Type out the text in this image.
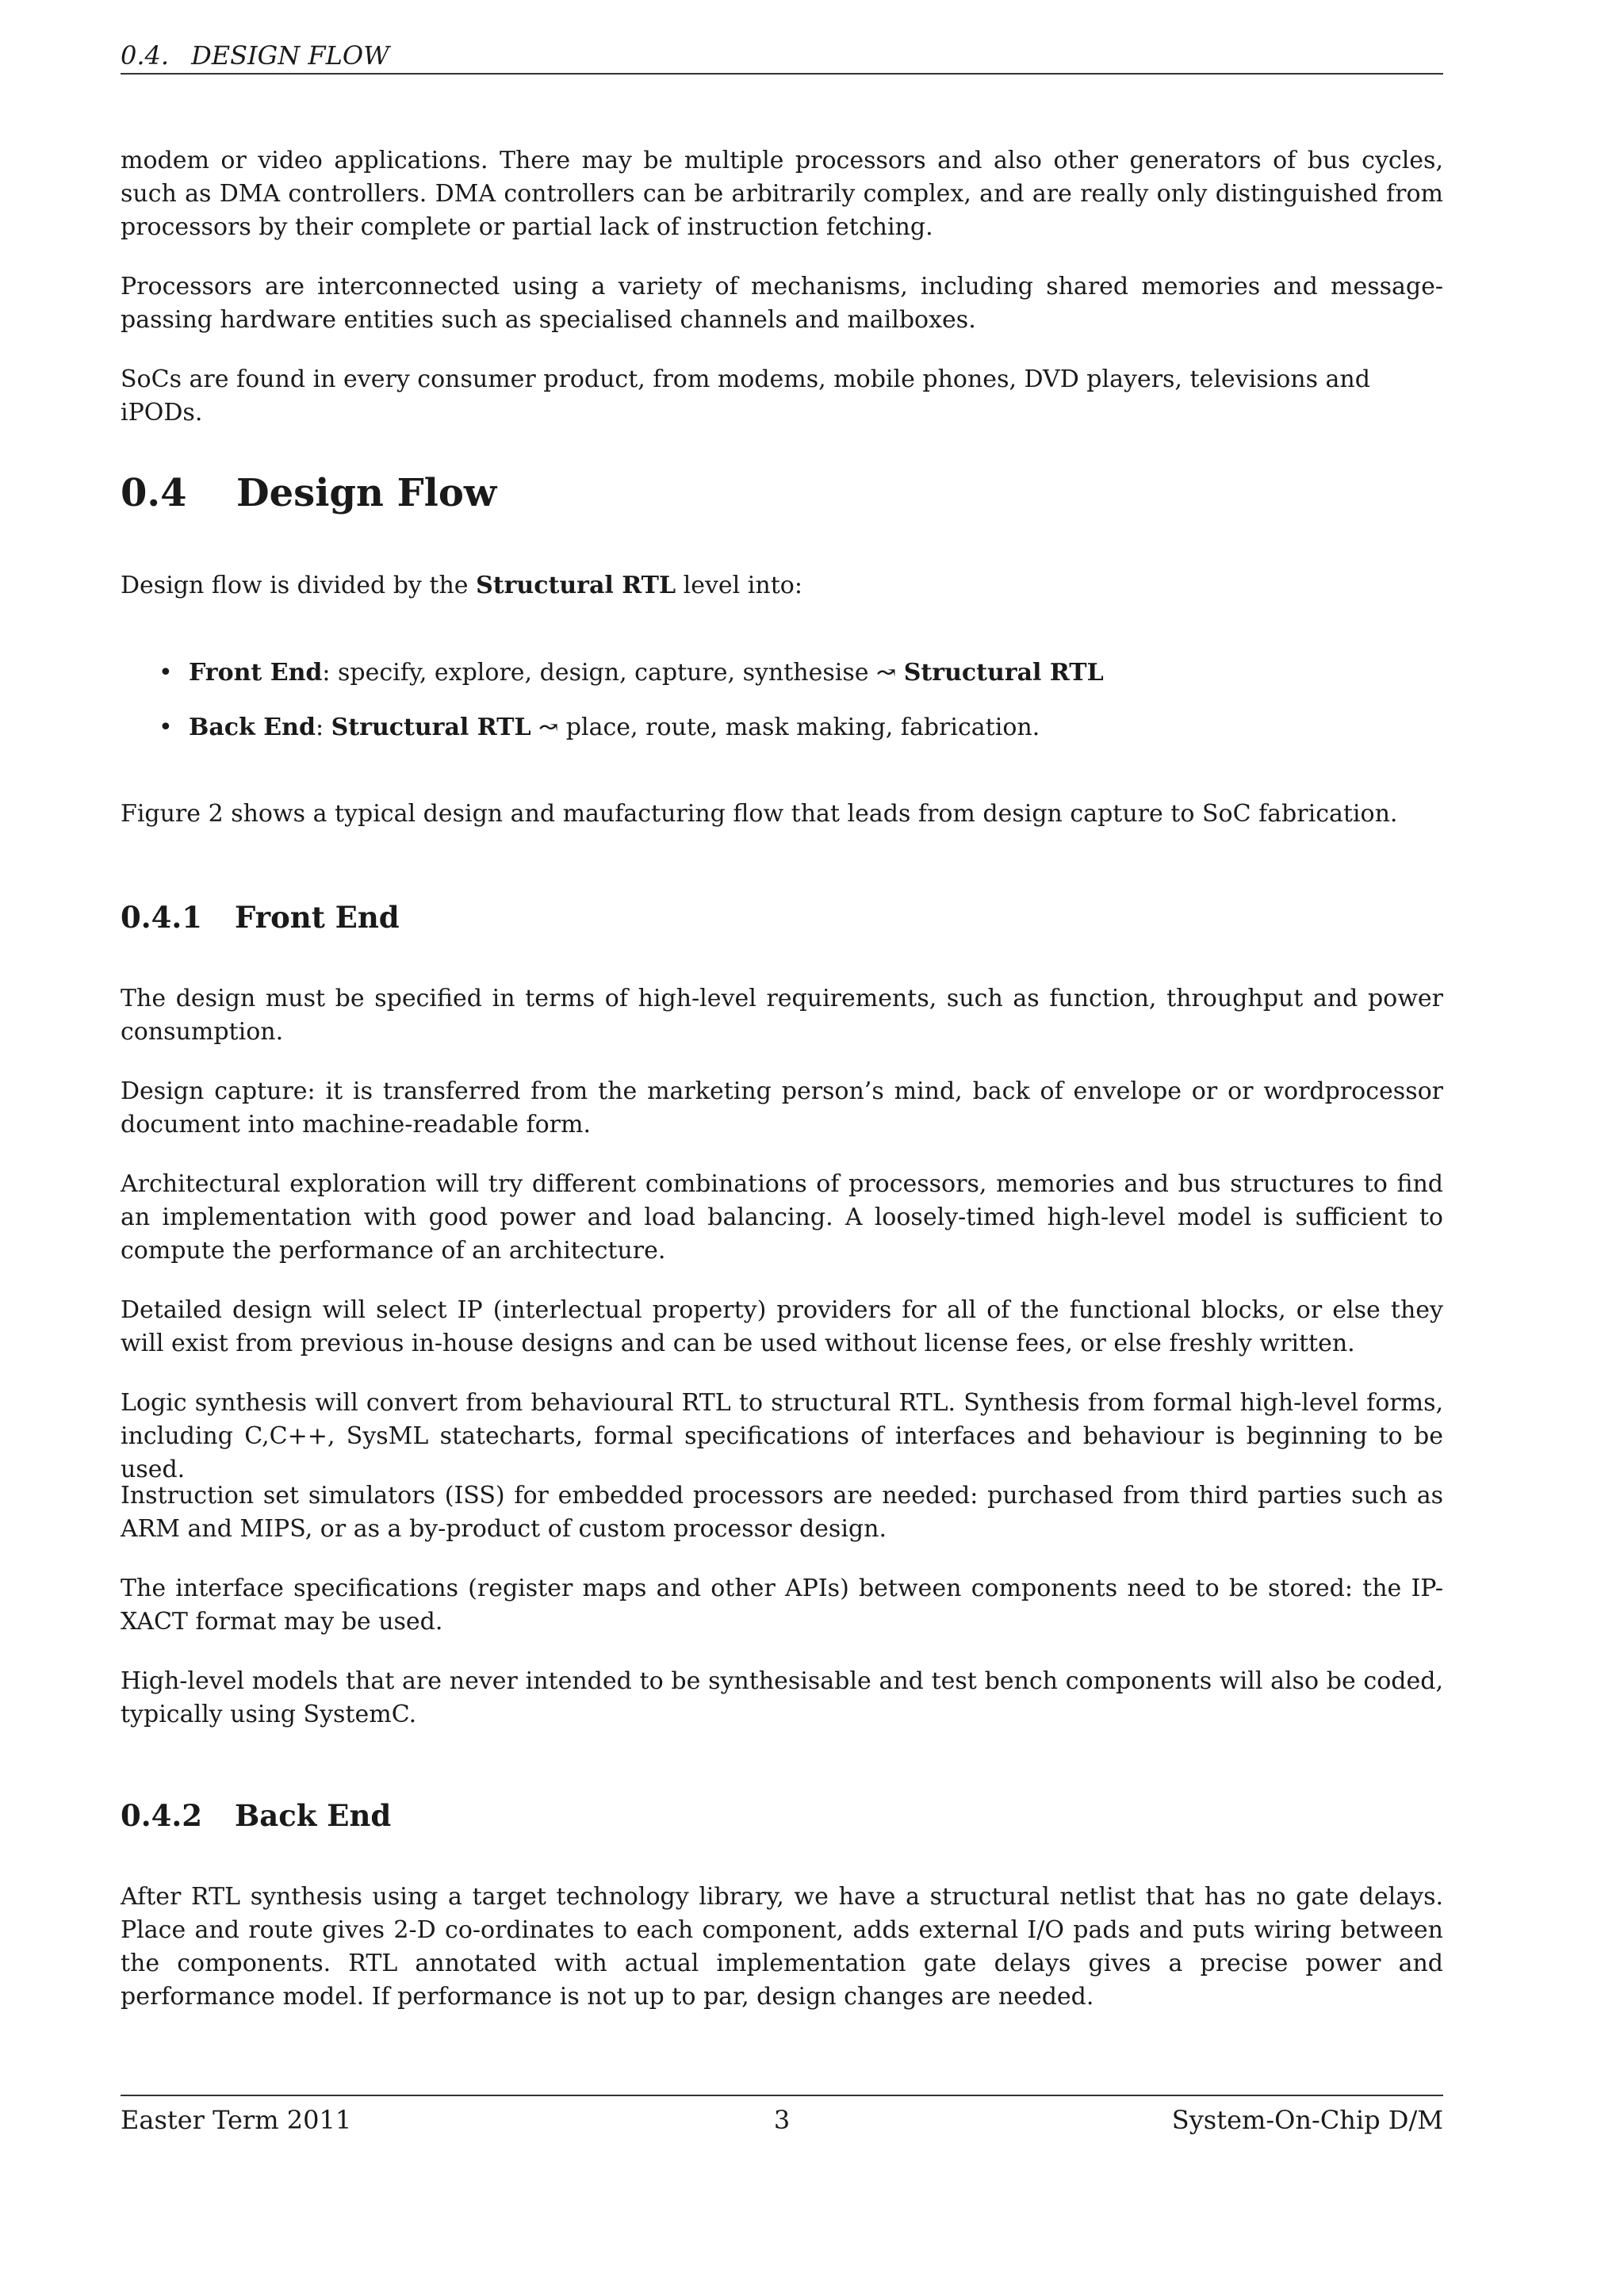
0.4. DESIGN FLOW

modem or video applications. There may be multiple processors and also other generators of bus cycles, such as DMA controllers. DMA controllers can be arbitrarily complex, and are really only distinguished from processors by their complete or partial lack of instruction fetching.

Processors are interconnected using a variety of mechanisms, including shared memories and message-passing hardware entities such as specialised channels and mailboxes.

SoCs are found in every consumer product, from modems, mobile phones, DVD players, televisions and iPODs.

0.4 Design Flow

Design flow is divided by the Structural RTL level into:

• Front End: specify, explore, design, capture, synthesise ↝ Structural RTL
• Back End: Structural RTL ↝ place, route, mask making, fabrication.

Figure 2 shows a typical design and maufacturing flow that leads from design capture to SoC fabrication.

0.4.1 Front End

The design must be specified in terms of high-level requirements, such as function, throughput and power consumption.

Design capture: it is transferred from the marketing person’s mind, back of envelope or or wordprocessor document into machine-readable form.

Architectural exploration will try different combinations of processors, memories and bus structures to find an implementation with good power and load balancing. A loosely-timed high-level model is sufficient to compute the performance of an architecture.

Detailed design will select IP (interlectual property) providers for all of the functional blocks, or else they will exist from previous in-house designs and can be used without license fees, or else freshly written.

Logic synthesis will convert from behavioural RTL to structural RTL. Synthesis from formal high-level forms, including C,C++, SysML statecharts, formal specifications of interfaces and behaviour is beginning to be used.

Instruction set simulators (ISS) for embedded processors are needed: purchased from third parties such as ARM and MIPS, or as a by-product of custom processor design.

The interface specifications (register maps and other APIs) between components need to be stored: the IP-XACT format may be used.

High-level models that are never intended to be synthesisable and test bench components will also be coded, typically using SystemC.

0.4.2 Back End

After RTL synthesis using a target technology library, we have a structural netlist that has no gate delays. Place and route gives 2-D co-ordinates to each component, adds external I/O pads and puts wiring between the components. RTL annotated with actual implementation gate delays gives a precise power and performance model. If performance is not up to par, design changes are needed.

Easter Term 2011	3	System-On-Chip D/M
